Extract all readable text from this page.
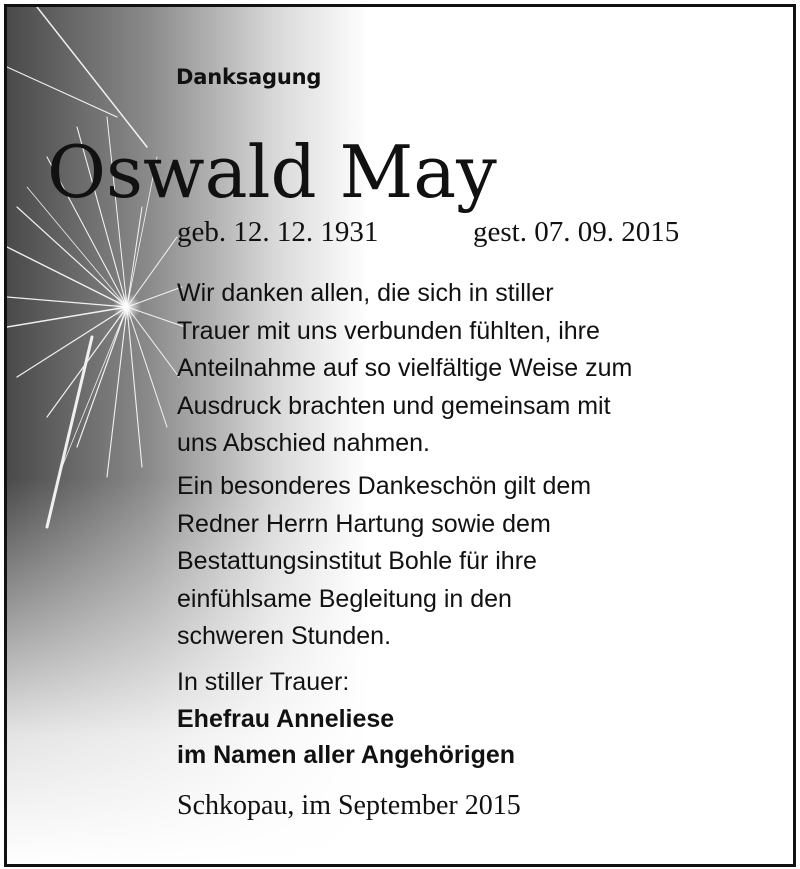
Danksagung
Oswald May
geb. 12. 12. 1931	gest. 07. 09. 2015

Wir danken allen, die sich in stiller
Trauer mit uns verbunden fühlten, ihre
Anteilnahme auf so vielfältige Weise zum
Ausdruck brachten und gemeinsam mit
uns Abschied nahmen.

Ein besonderes Dankeschön gilt dem
Redner Herrn Hartung sowie dem
Bestattungsinstitut Bohle für ihre
einfühlsame Begleitung in den
schweren Stunden.

In stiller Trauer:

Ehefrau Anneliese
im Namen aller Angehörigen
Schkopau, im September 2015
